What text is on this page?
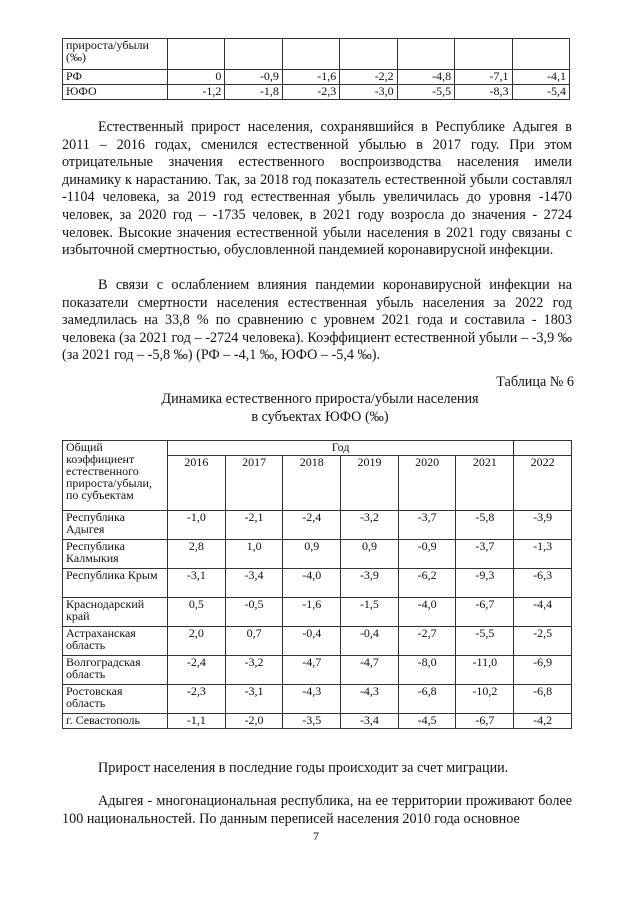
прироста/убыли (‰)							
РФ	0	-0,9	-1,6	-2,2	-4,8	-7,1	-4,1
ЮФО	-1,2	-1,8	-2,3	-3,0	-5,5	-8,3	-5,4

Естественный прирост населения, сохранявшийся в Республике Адыгея в 2011 – 2016 годах, сменился естественной убылью в 2017 году. При этом отрицательные значения естественного воспроизводства населения имели динамику к нарастанию. Так, за 2018 год показатель естественной убыли составлял -1104 человека, за 2019 год естественная убыль увеличилась до уровня -1470 человек, за 2020 год – -1735 человек, в 2021 году возросла до значения - 2724 человек. Высокие значения естественной убыли населения в 2021 году связаны с избыточной смертностью, обусловленной пандемией коронавирусной инфекции.

В связи с ослаблением влияния пандемии коронавирусной инфекции на показатели смертности населения естественная убыль населения за 2022 год замедлилась на 33,8 % по сравнению с уровнем 2021 года и составила - 1803 человека (за 2021 год – -2724 человека). Коэффициент естественной убыли – -3,9 ‰ (за 2021 год – -5,8 ‰) (РФ – -4,1 ‰, ЮФО – -5,4 ‰).

Таблица № 6

Динамика естественного прироста/убыли населения

в субъектах ЮФО (‰)

Общий коэффициент естественного прироста/убыли, по субъектам	Год						
	2016	2017	2018	2019	2020	2021	2022
Республика Адыгея	-1,0	-2,1	-2,4	-3,2	-3,7	-5,8	-3,9
Республика Калмыкия	2,8	1,0	0,9	0,9	-0,9	-3,7	-1,3
Республика Крым	-3,1	-3,4	-4,0	-3,9	-6,2	-9,3	-6,3
Краснодарский край	0,5	-0,5	-1,6	-1,5	-4,0	-6,7	-4,4
Астраханская область	2,0	0,7	-0,4	-0,4	-2,7	-5,5	-2,5
Волгоградская область	-2,4	-3,2	-4,7	-4,7	-8,0	-11,0	-6,9
Ростовская область	-2,3	-3,1	-4,3	-4,3	-6,8	-10,2	-6,8
г. Севастополь	-1,1	-2,0	-3,5	-3,4	-4,5	-6,7	-4,2

Прирост населения в последние годы происходит за счет миграции.

Адыгея - многонациональная республика, на ее территории проживают более 100 национальностей. По данным переписей населения 2010 года основное

7
